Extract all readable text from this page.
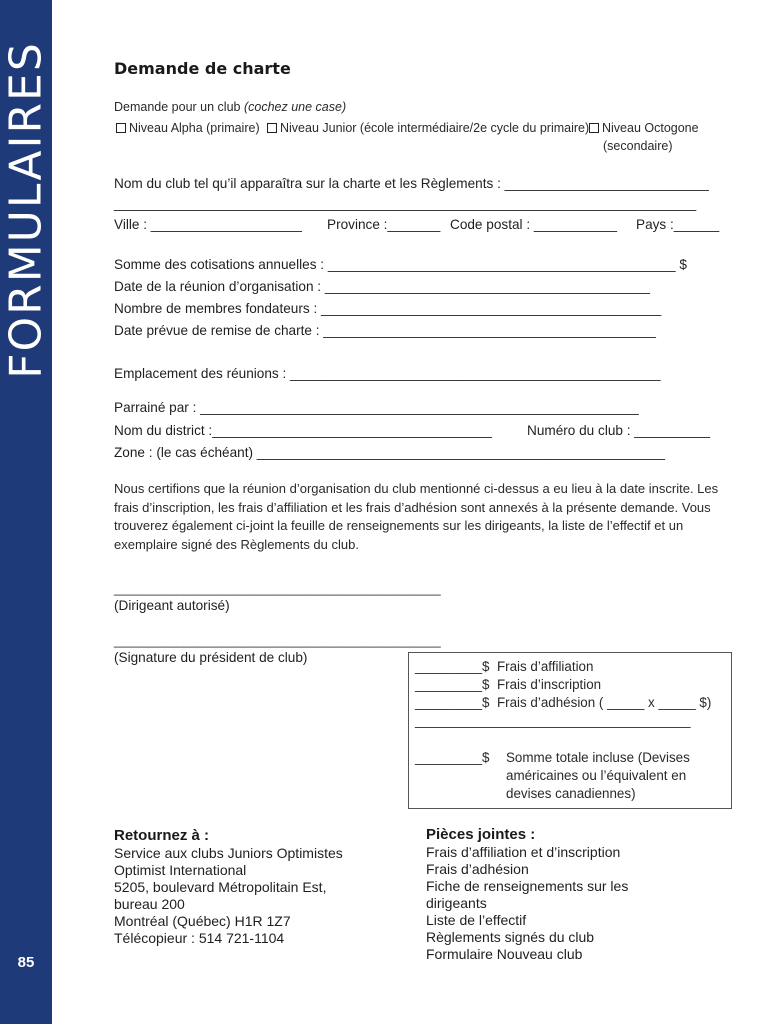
FORMULAIRES
85
Demande de charte
Demande pour un club (cochez une case)
Niveau Alpha (primaire)	Niveau Junior (école intermédiaire/2e cycle du primaire)	Niveau Octogone
(secondaire)
Nom du club tel qu’il apparaîtra sur la charte et les Règlements : ___________________________
_____________________________________________________________________________
Ville : ____________________ Province :_______ Code postal : ___________ Pays :______
Somme des cotisations annuelles : ______________________________________________ $
Date de la réunion d’organisation : ___________________________________________
Nombre de membres fondateurs : _____________________________________________
Date prévue de remise de charte : ____________________________________________
Emplacement des réunions : _________________________________________________
Parrainé par : __________________________________________________________
Nom du district :_____________________________________	Numéro du club : __________
Zone : (le cas échéant) ______________________________________________________
Nous certifions que la réunion d’organisation du club mentionné ci-dessus a eu lieu à la date inscrite. Les frais d’inscription, les frais d’affiliation et les frais d’adhésion sont annexés à la présente demande. Vous trouverez également ci-joint la feuille de renseignements sur les dirigeants, la liste de l’effectif et un exemplaire signé des Règlements du club.
_______________________________________________
(Dirigeant autorisé)
_______________________________________________
(Signature du président de club)
_________$ Frais d’affiliation
_________$ Frais d’inscription
_________$ Frais d’adhésion ( _____ x _____ $)
_____________________________________
_________$ Somme totale incluse (Devises
américaines ou l’équivalent en
devises canadiennes)
Retournez à :
Service aux clubs Juniors Optimistes
Optimist International
5205, boulevard Métropolitain Est,
bureau 200
Montréal (Québec) H1R 1Z7
Télécopieur : 514 721-1104
Pièces jointes :
Frais d’affiliation et d’inscription
Frais d’adhésion
Fiche de renseignements sur les
dirigeants
Liste de l’effectif
Règlements signés du club
Formulaire Nouveau club
